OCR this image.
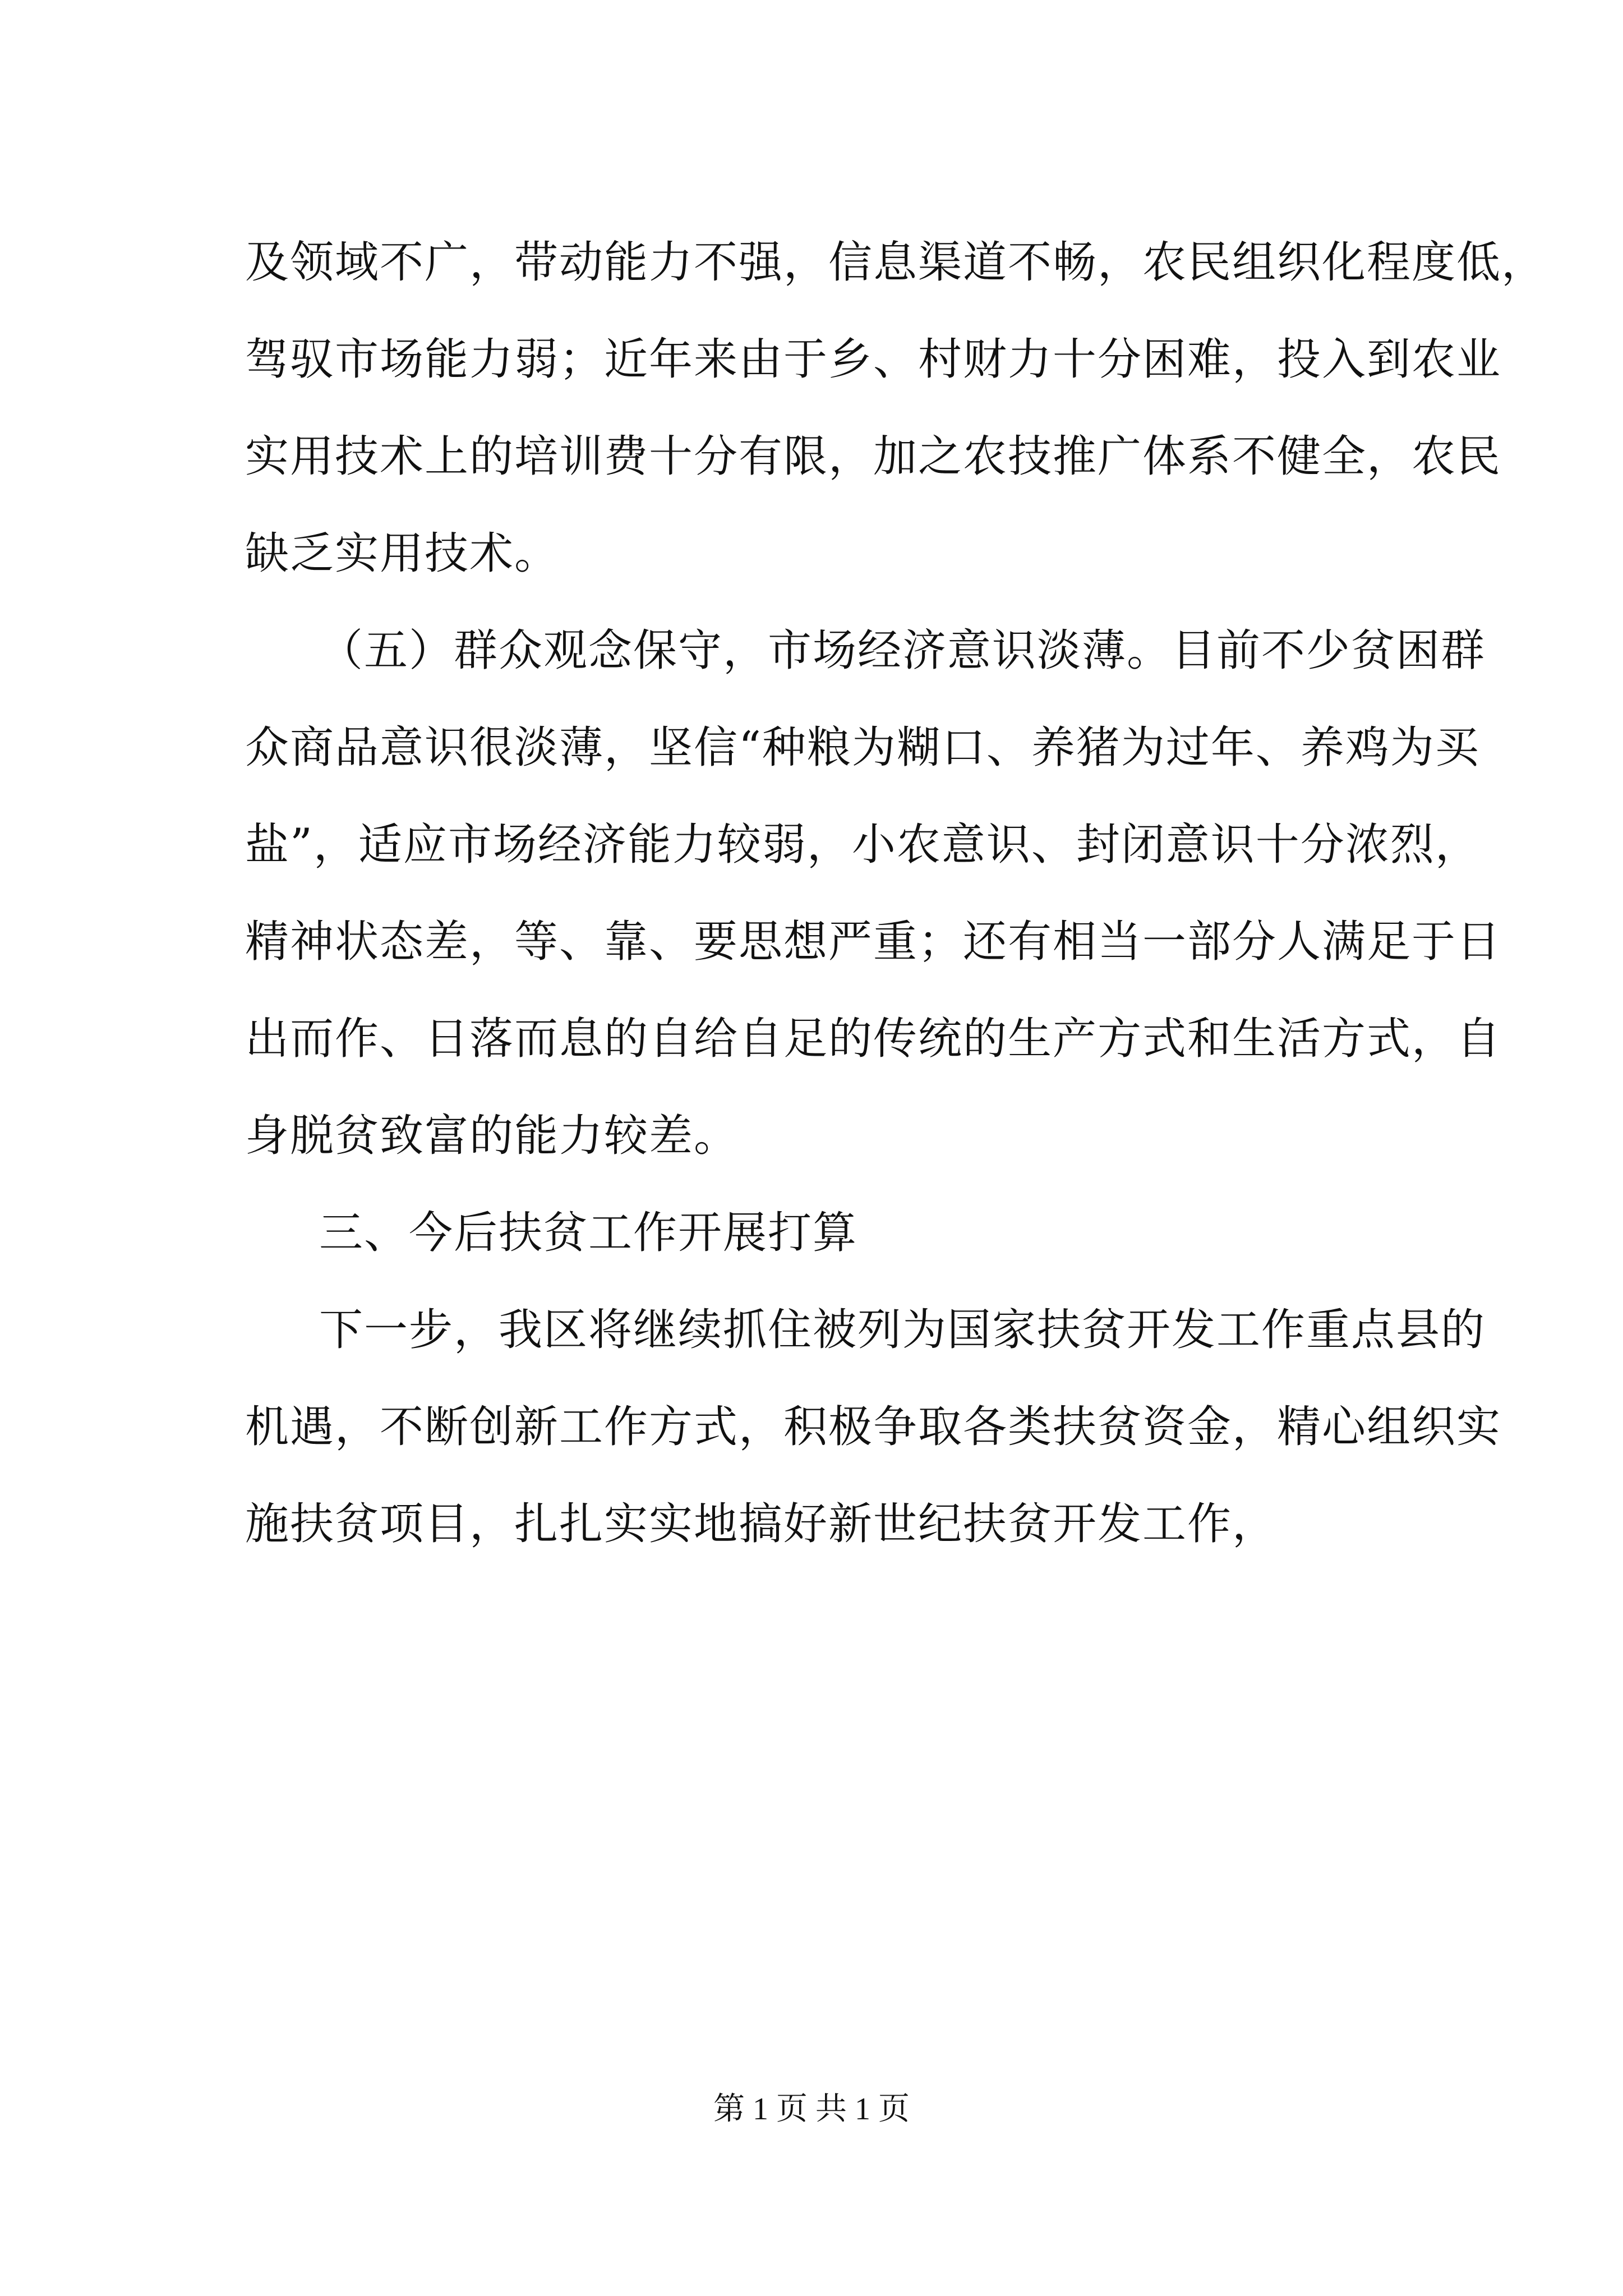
及领域不广，带动能力不强，信息渠道不畅，农民组织化程度低，
驾驭市场能力弱；近年来由于乡、村财力十分困难，投入到农业
实用技术上的培训费十分有限，加之农技推广体系不健全，农民
缺乏实用技术。
（五）群众观念保守，市场经济意识淡薄。目前不少贫困群
众商品意识很淡薄，坚信“种粮为糊口、养猪为过年、养鸡为买
盐”，适应市场经济能力较弱，小农意识、封闭意识十分浓烈，
精神状态差，等、靠、要思想严重；还有相当一部分人满足于日
出而作、日落而息的自给自足的传统的生产方式和生活方式，自
身脱贫致富的能力较差。
三、今后扶贫工作开展打算
下一步，我区将继续抓住被列为国家扶贫开发工作重点县的
机遇，不断创新工作方式，积极争取各类扶贫资金，精心组织实
施扶贫项目，扎扎实实地搞好新世纪扶贫开发工作，
第 1 页 共 1 页
